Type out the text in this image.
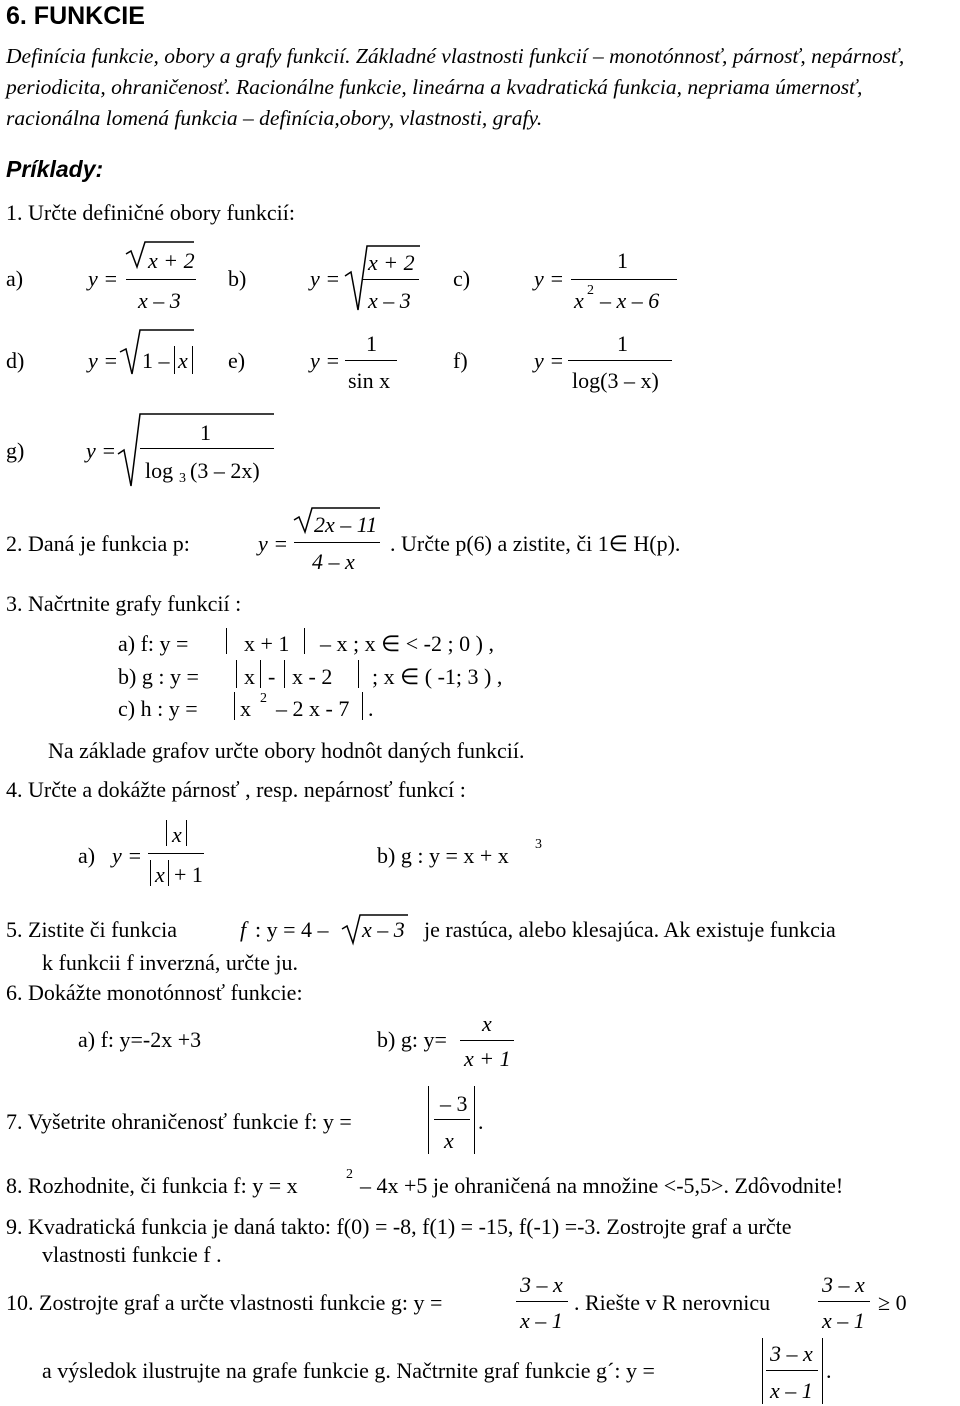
6. FUNKCIE
Definícia funkcie, obory a grafy funkcií. Základné vlastnosti funkcií – monotónnosť, párnosť, nepárnosť, periodicita, ohraničenosť. Racionálne funkcie, lineárna a kvadratická funkcia, nepriama úmernosť, racionálna lomená funkcia – definícia,obory, vlastnosti, grafy.
Príklady:
1. Určte definičné obory funkcií:
a)	y =
x + 2
x – 3
b)	y =
x + 2
x – 3
c)	y =
1
x 2 – x – 6
d)	y = 1 – x e)	y =
1
sin x
f)	y =
1
log(3 – x)
g)	y =
1
log 3 (3 – 2x)
2. Daná je funkcia p:	y =
2x – 11
4 – x
. Určte p(6) a zistite, či 1∈ H(p).
3. Načrtnite grafy funkcií :
a) f: y =	x + 1 – x ; x ∈ < -2 ; 0 ) ,
b) g : y = x - x - 2 ; x ∈ ( -1; 3 ) ,
c) h : y = x 2 – 2 x - 7 .
Na základe grafov určte obory hodnôt daných funkcií.
4. Určte a dokážte párnosť , resp. nepárnosť funkcí :
a) y =
x
x + 1
b) g : y = x + x 3
5. Zistite či funkcia	f : y = 4 – x – 3 je rastúca, alebo klesajúca. Ak existuje funkcia
k funkcii f inverzná, určte ju.
6. Dokážte monotónnosť funkcie:
a) f: y=-2x +3	b) g: y=
x
x + 1
7. Vyšetrite ohraničenosť funkcie f: y =
– 3
x
.
8. Rozhodnite, či funkcia f: y = x	2 – 4x +5 je ohraničená na množine <-5,5>. Zdôvodnite!
9. Kvadratická funkcia je daná takto: f(0) = -8, f(1) = -15, f(-1) =-3. Zostrojte graf a určte
vlastnosti funkcie f .
10. Zostrojte graf a určte vlastnosti funkcie g: y =
3 – x
x – 1
. Riešte v R nerovnicu
3 – x
x – 1
≥ 0
a výsledok ilustrujte na grafe funkcie g. Načtrnite graf funkcie g´: y =
3 – x
x – 1
.
